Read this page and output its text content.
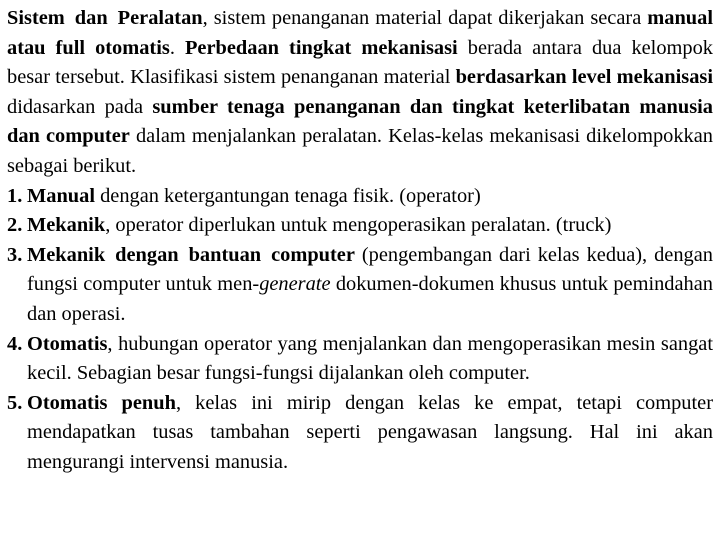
Sistem dan Peralatan, sistem penanganan material dapat dikerjakan secara manual atau full otomatis. Perbedaan tingkat mekanisasi berada antara dua kelompok besar tersebut. Klasifikasi sistem penanganan material berdasarkan level mekanisasi didasarkan pada sumber tenaga penanganan dan tingkat keterlibatan manusia dan computer dalam menjalankan peralatan. Kelas-kelas mekanisasi dikelompokkan sebagai berikut.

1. Manual dengan ketergantungan tenaga fisik. (operator)
2. Mekanik, operator diperlukan untuk mengoperasikan peralatan. (truck)
3. Mekanik dengan bantuan computer (pengembangan dari kelas kedua), dengan fungsi computer untuk men-generate dokumen-dokumen khusus untuk pemindahan dan operasi.
4. Otomatis, hubungan operator yang menjalankan dan mengoperasikan mesin sangat kecil. Sebagian besar fungsi-fungsi dijalankan oleh computer.
5. Otomatis penuh, kelas ini mirip dengan kelas ke empat, tetapi computer mendapatkan tusas tambahan seperti pengawasan langsung. Hal ini akan mengurangi intervensi manusia.
